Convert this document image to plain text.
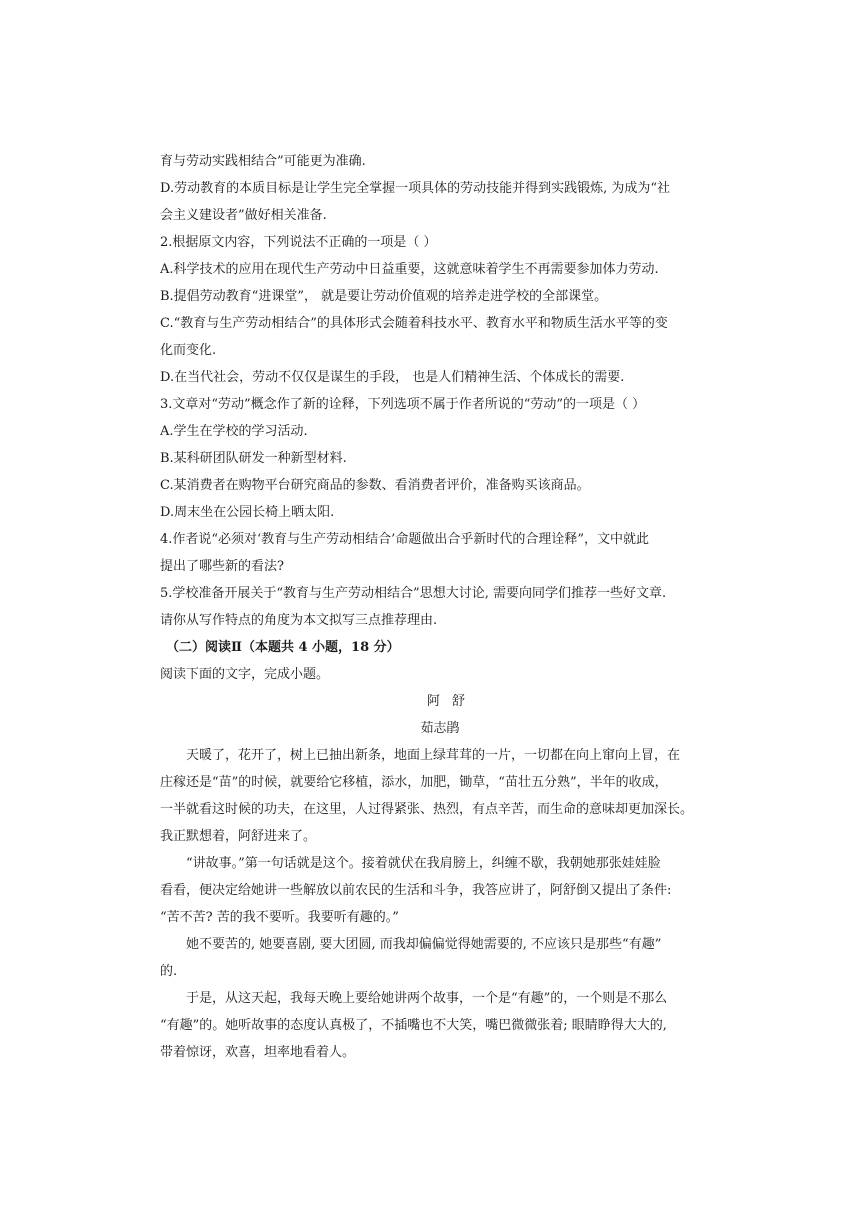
育与劳动实践相结合”可能更为准确.
D.劳动教育的本质目标是让学生完全掌握一项具体的劳动技能并得到实践锻炼, 为成为“社
会主义建设者”做好相关准备.
2.根据原文内容，下列说法不正确的一项是（ ）
A.科学技术的应用在现代生产劳动中日益重要，这就意味着学生不再需要参加体力劳动.
B.提倡劳动教育“进课堂”， 就是要让劳动价值观的培养走进学校的全部课堂。
C.“教育与生产劳动相结合”的具体形式会随着科技水平、教育水平和物质生活水平等的变
化而变化.
D.在当代社会，劳动不仅仅是谋生的手段， 也是人们精神生活、个体成长的需要.
3.文章对“劳动”概念作了新的诠释，下列选项不属于作者所说的“劳动”的一项是（ ）
A.学生在学校的学习活动.
B.某科研团队研发一种新型材料.
C.某消费者在购物平台研究商品的参数、看消费者评价，准备购买该商品。
D.周末坐在公园长椅上晒太阳.
4.作者说“必须对‘教育与生产劳动相结合’命题做出合乎新时代的合理诠释”，文中就此
提出了哪些新的看法?
5.学校准备开展关于“教育与生产劳动相结合”思想大讨论, 需要向同学们推荐一些好文章.
请你从写作特点的角度为本文拟写三点推荐理由.
（二）阅读Ⅱ（本题共 4 小题，18 分）
阅读下面的文字，完成小题。
阿舒
茹志鹃
天暖了，花开了，树上已抽出新条，地面上绿茸茸的一片，一切都在向上窜向上冒，在
庄稼还是“苗”的时候，就要给它移植，添水，加肥，锄草，“苗壮五分熟”，半年的收成，
一半就看这时候的功夫，在这里，人过得紧张、热烈，有点辛苦，而生命的意味却更加深长。
我正默想着，阿舒进来了。
“讲故事。”第一句话就是这个。接着就伏在我肩膀上，纠缠不歇，我朝她那张娃娃脸
看看，便决定给她讲一些解放以前农民的生活和斗争，我答应讲了，阿舒倒又提出了条件:
“苦不苦? 苦的我不要听。我要听有趣的。”
她不要苦的, 她要喜剧, 要大团圆, 而我却偏偏觉得她需要的, 不应该只是那些“有趣”
的.
于是，从这天起，我每天晚上要给她讲两个故事，一个是“有趣”的，一个则是不那么
“有趣”的。她听故事的态度认真极了，不插嘴也不大笑，嘴巴微微张着; 眼睛睁得大大的,
带着惊讶，欢喜，坦率地看着人。
